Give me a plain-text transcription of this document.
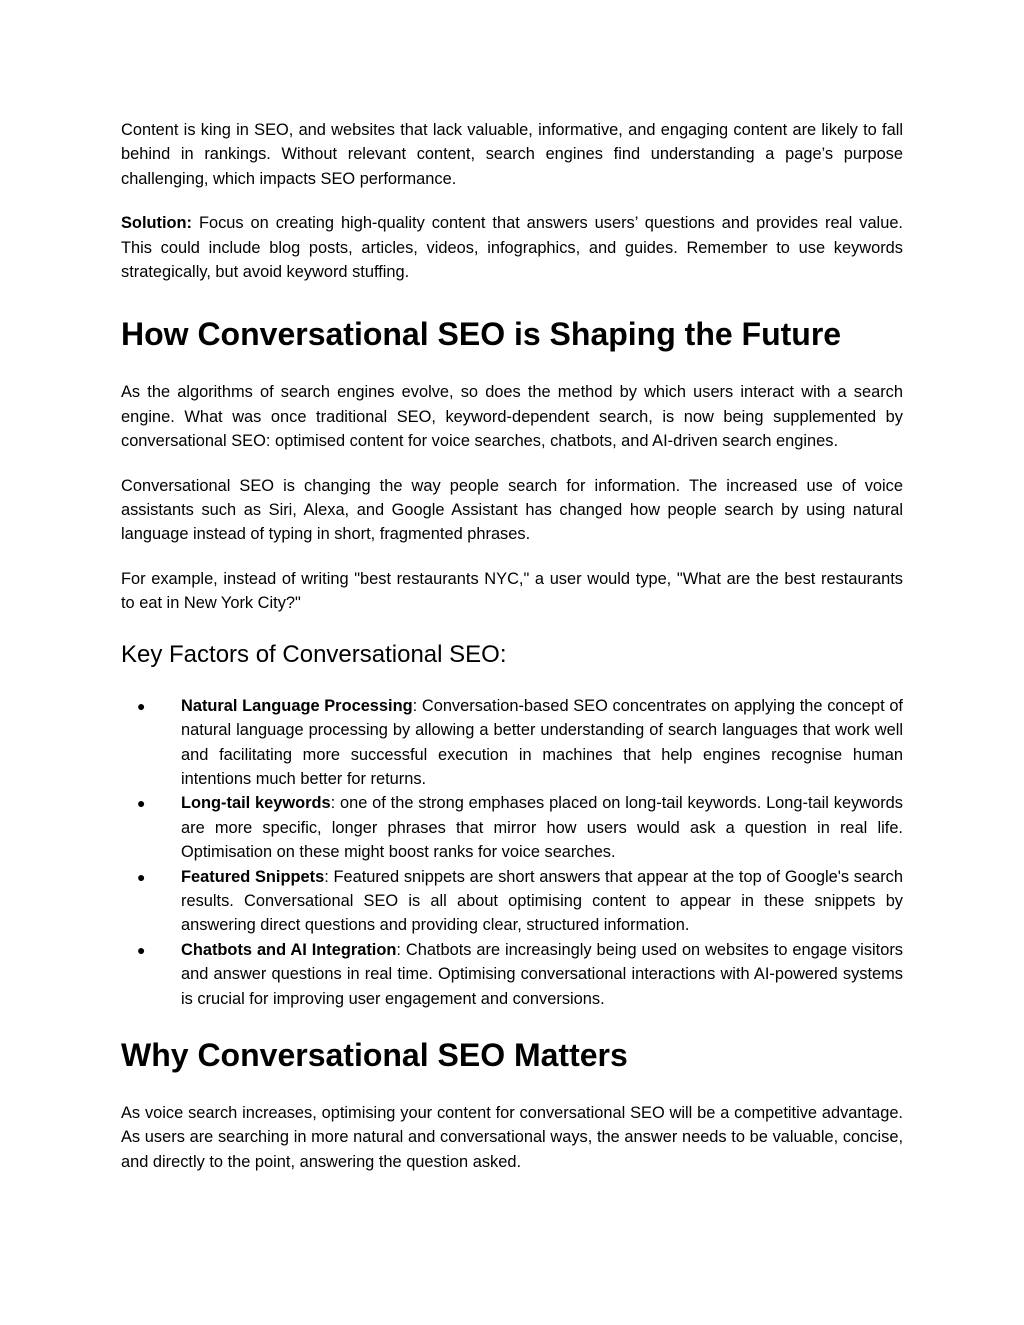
Content is king in SEO, and websites that lack valuable, informative, and engaging content are likely to fall behind in rankings. Without relevant content, search engines find understanding a page’s purpose challenging, which impacts SEO performance.

Solution: Focus on creating high-quality content that answers users’ questions and provides real value. This could include blog posts, articles, videos, infographics, and guides. Remember to use keywords strategically, but avoid keyword stuffing.

How Conversational SEO is Shaping the Future

As the algorithms of search engines evolve, so does the method by which users interact with a search engine. What was once traditional SEO, keyword-dependent search, is now being supplemented by conversational SEO: optimised content for voice searches, chatbots, and AI-driven search engines.

Conversational SEO is changing the way people search for information. The increased use of voice assistants such as Siri, Alexa, and Google Assistant has changed how people search by using natural language instead of typing in short, fragmented phrases.

For example, instead of writing "best restaurants NYC," a user would type, "What are the best restaurants to eat in New York City?"

Key Factors of Conversational SEO:
● Natural Language Processing: Conversation-based SEO concentrates on applying the concept of natural language processing by allowing a better understanding of search languages that work well and facilitating more successful execution in machines that help engines recognise human intentions much better for returns.
● Long-tail keywords: one of the strong emphases placed on long-tail keywords. Long-tail keywords are more specific, longer phrases that mirror how users would ask a question in real life. Optimisation on these might boost ranks for voice searches.
● Featured Snippets: Featured snippets are short answers that appear at the top of Google's search results. Conversational SEO is all about optimising content to appear in these snippets by answering direct questions and providing clear, structured information.
● Chatbots and AI Integration: Chatbots are increasingly being used on websites to engage visitors and answer questions in real time. Optimising conversational interactions with AI-powered systems is crucial for improving user engagement and conversions.
Why Conversational SEO Matters

As voice search increases, optimising your content for conversational SEO will be a competitive advantage. As users are searching in more natural and conversational ways, the answer needs to be valuable, concise, and directly to the point, answering the question asked.
